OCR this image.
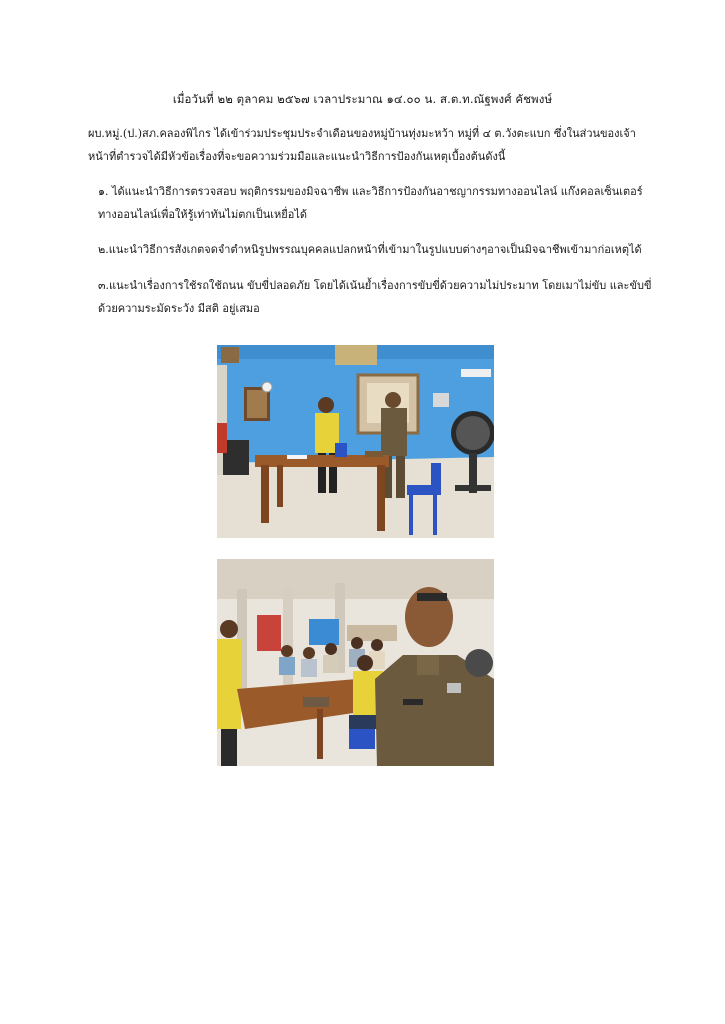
เมื่อวันที่ ๒๒ ตุลาคม ๒๕๖๗ เวลาประมาณ ๑๔.๐๐ น. ส.ต.ท.ณัฐพงศ์ คัชพงษ์

ผบ.หมู่.(ป.)สภ.คลองพิไกร ได้เข้าร่วมประชุมประจำเดือนของหมู่บ้านทุ่งมะหว้า หมู่ที่ ๔ ต.วังตะแบก ซึ่งในส่วนของเจ้าหน้าที่ตำรวจได้มีหัวข้อเรื่องที่จะขอความร่วมมือและแนะนำวิธีการป้องกันเหตุเบื้องต้นดังนี้

๑. ได้แนะนำวิธีการตรวจสอบ พฤติกรรมของมิจฉาชีพ และวิธีการป้องกันอาชญากรรมทางออนไลน์ แก๊งคอลเซ็นเตอร์ทางออนไลน์เพื่อให้รู้เท่าทันไม่ตกเป็นเหยื่อได้

๒.แนะนำวิธีการสังเกตจดจำตำหนิรูปพรรณบุคคลแปลกหน้าที่เข้ามาในรูปแบบต่างๆอาจเป็นมิจฉาชีพเข้ามาก่อเหตุได้

๓.แนะนำเรื่องการใช้รถใช้ถนน ขับขี่ปลอดภัย โดยได้เน้นย้ำเรื่องการขับขี่ด้วยความไม่ประมาท โดยเมาไม่ขับ และขับขี่ด้วยความระมัดระวัง มีสติ อยู่เสมอ
